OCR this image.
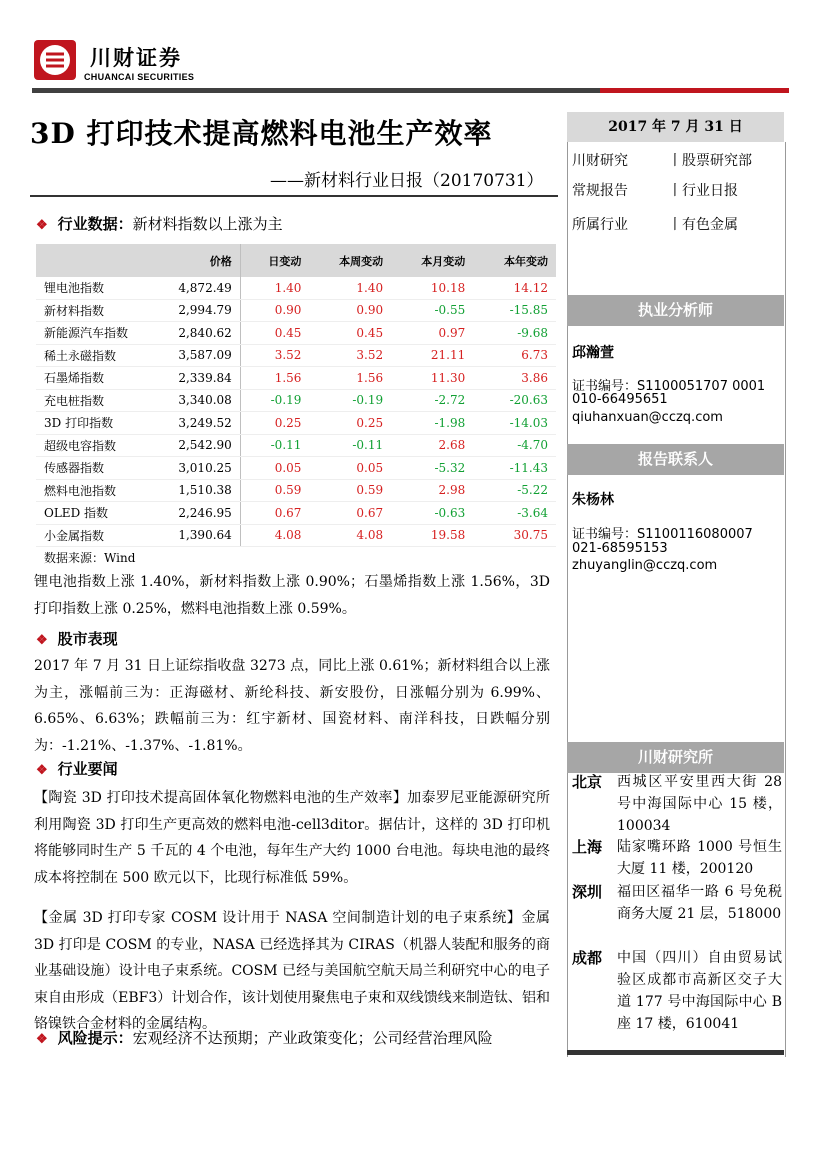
川财证券
CHUANCAI SECURITIES
3D 打印技术提高燃料电池生产效率
——新材料行业日报（20170731）
❖ 行业数据：新材料指数以上涨为主
	价格	日变动	本周变动	本月变动	本年变动
锂电池指数	4,872.49	1.40	1.40	10.18	14.12
新材料指数	2,994.79	0.90	0.90	-0.55	-15.85
新能源汽车指数	2,840.62	0.45	0.45	0.97	-9.68
稀土永磁指数	3,587.09	3.52	3.52	21.11	6.73
石墨烯指数	2,339.84	1.56	1.56	11.30	3.86
充电桩指数	3,340.08	-0.19	-0.19	-2.72	-20.63
3D 打印指数	3,249.52	0.25	0.25	-1.98	-14.03
超级电容指数	2,542.90	-0.11	-0.11	2.68	-4.70
传感器指数	3,010.25	0.05	0.05	-5.32	-11.43
燃料电池指数	1,510.38	0.59	0.59	2.98	-5.22
OLED 指数	2,246.95	0.67	0.67	-0.63	-3.64
小金属指数	1,390.64	4.08	4.08	19.58	30.75
数据来源：Wind					

锂电池指数上涨 1.40%，新材料指数上涨 0.90%；石墨烯指数上涨 1.56%，3D 打印指数上涨 0.25%，燃料电池指数上涨 0.59%。

❖ 股市表现

2017 年 7 月 31 日上证综指收盘 3273 点，同比上涨 0.61%；新材料组合以上涨为主，涨幅前三为：正海磁材、新纶科技、新安股份，日涨幅分别为 6.99%、6.65%、6.63%；跌幅前三为：红宇新材、国瓷材料、南洋科技，日跌幅分别为：-1.21%、-1.37%、-1.81%。

❖ 行业要闻

【陶瓷 3D 打印技术提高固体氧化物燃料电池的生产效率】加泰罗尼亚能源研究所利用陶瓷 3D 打印生产更高效的燃料电池-cell3ditor。据估计，这样的 3D 打印机将能够同时生产 5 千瓦的 4 个电池，每年生产大约 1000 台电池。每块电池的最终成本将控制在 500 欧元以下，比现行标准低 59%。

【金属 3D 打印专家 COSM 设计用于 NASA 空间制造计划的电子束系统】金属 3D 打印是 COSM 的专业，NASA 已经选择其为 CIRAS（机器人装配和服务的商业基础设施）设计电子束系统。COSM 已经与美国航空航天局兰利研究中心的电子束自由形成（EBF3）计划合作，该计划使用聚焦电子束和双线馈线来制造钛、铝和铬镍铁合金材料的金属结构。

❖ 风险提示：宏观经济不达预期；产业政策变化；公司经营治理风险
2017 年 7 月 31 日
川财研究	丨股票研究部
常规报告	丨行业日报
所属行业	丨有色金属
执业分析师
邱瀚萱
证书编号：S1100051707 0001
010-66495651
qiuhanxuan@cczq.com
报告联系人
朱杨林
证书编号：S1100116080007
021-68595153
zhuyanglin@cczq.com
川财研究所
北京 西城区平安里西大街 28 号中海国际中心 15 楼，100034
上海 陆家嘴环路 1000 号恒生大厦 11 楼，200120
深圳 福田区福华一路 6 号免税商务大厦 21 层，518000
成都 中国（四川）自由贸易试验区成都市高新区交子大道 177 号中海国际中心 B 座 17 楼，610041
